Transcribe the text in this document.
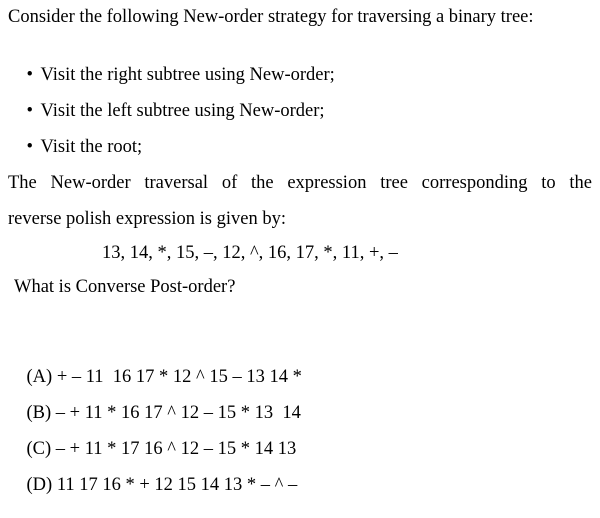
Consider the following New-order strategy for traversing a binary tree:

• Visit the right subtree using New-order;

• Visit the left subtree using New-order;

• Visit the root;

The New-order traversal of the expression tree corresponding to the
reverse polish expression is given by:
13, 14, *, 15, –, 12, ^, 16, 17, *, 11, +, –
What is Converse Post-order?

(A) + – 11  16 17 * 12 ^ 15 – 13 14 *

(B) – + 11 * 16 17 ^ 12 – 15 * 13  14

(C) – + 11 * 17 16 ^ 12 – 15 * 14 13

(D) 11 17 16 * + 12 15 14 13 * – ^ –
